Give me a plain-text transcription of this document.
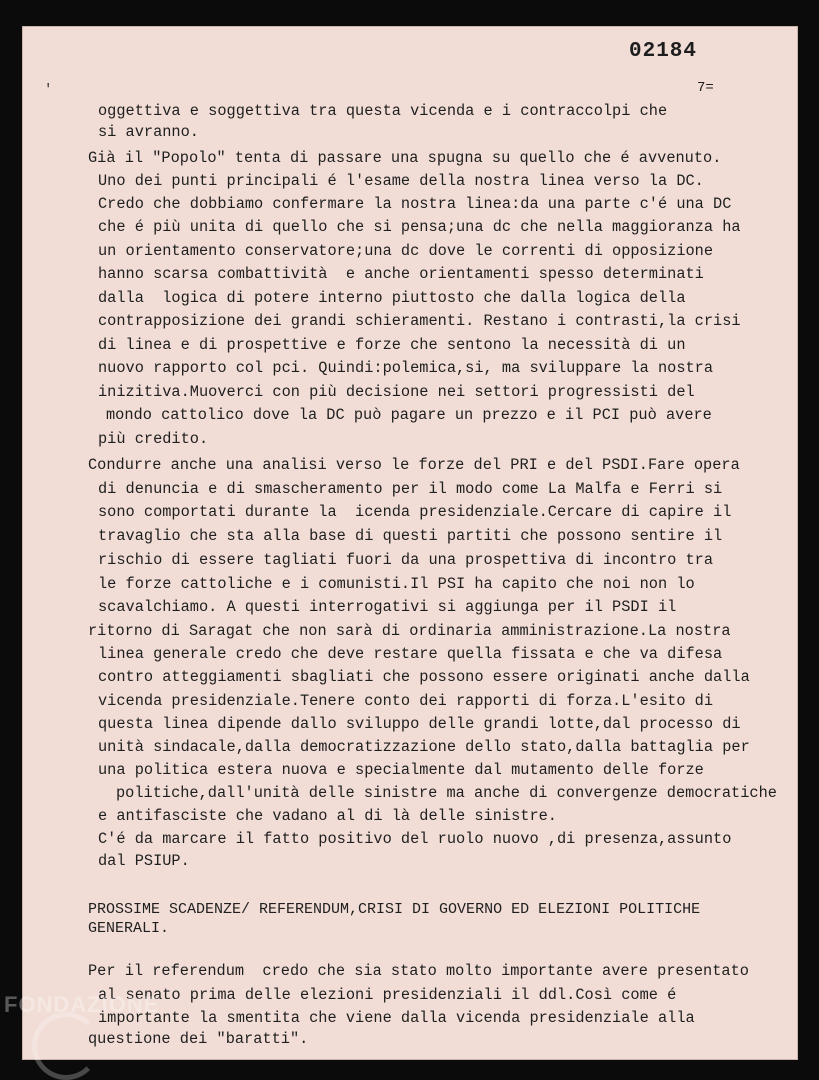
'
02184
7=
oggettiva e soggettiva tra questa vicenda e i contraccolpi che
si avranno.
Già il "Popolo" tenta di passare una spugna su quello che é avvenuto.
Uno dei punti principali é l'esame della nostra linea verso la DC.
Credo che dobbiamo confermare la nostra linea:da una parte c'é una DC
che é più unita di quello che si pensa;una dc che nella maggioranza ha
un orientamento conservatore;una dc dove le correnti di opposizione
hanno scarsa combattività  e anche orientamenti spesso determinati
dalla  logica di potere interno piuttosto che dalla logica della
contrapposizione dei grandi schieramenti. Restano i contrasti,la crisi
di linea e di prospettive e forze che sentono la necessità di un
nuovo rapporto col pci. Quindi:polemica,si, ma sviluppare la nostra
inizitiva.Muoverci con più decisione nei settori progressisti del
mondo cattolico dove la DC può pagare un prezzo e il PCI può avere
più credito.
Condurre anche una analisi verso le forze del PRI e del PSDI.Fare opera
di denuncia e di smascheramento per il modo come La Malfa e Ferri si
sono comportati durante la  icenda presidenziale.Cercare di capire il
travaglio che sta alla base di questi partiti che possono sentire il
rischio di essere tagliati fuori da una prospettiva di incontro tra
le forze cattoliche e i comunisti.Il PSI ha capito che noi non lo
scavalchiamo. A questi interrogativi si aggiunga per il PSDI il
ritorno di Saragat che non sarà di ordinaria amministrazione.La nostra
linea generale credo che deve restare quella fissata e che va difesa
contro atteggiamenti sbagliati che possono essere originati anche dalla
vicenda presidenziale.Tenere conto dei rapporti di forza.L'esito di
questa linea dipende dallo sviluppo delle grandi lotte,dal processo di
unità sindacale,dalla democratizzazione dello stato,dalla battaglia per
una politica estera nuova e specialmente dal mutamento delle forze
politiche,dall'unità delle sinistre ma anche di convergenze democratiche
e antifasciste che vadano al di là delle sinistre.
C'é da marcare il fatto positivo del ruolo nuovo ,di presenza,assunto
dal PSIUP.
PROSSIME SCADENZE/ REFERENDUM,CRISI DI GOVERNO ED ELEZIONI POLITICHE
GENERALI.
Per il referendum  credo che sia stato molto importante avere presentato
al senato prima delle elezioni presidenziali il ddl.Così come é
importante la smentita che viene dalla vicenda presidenziale alla
questione dei "baratti".
FONDAZIONE
